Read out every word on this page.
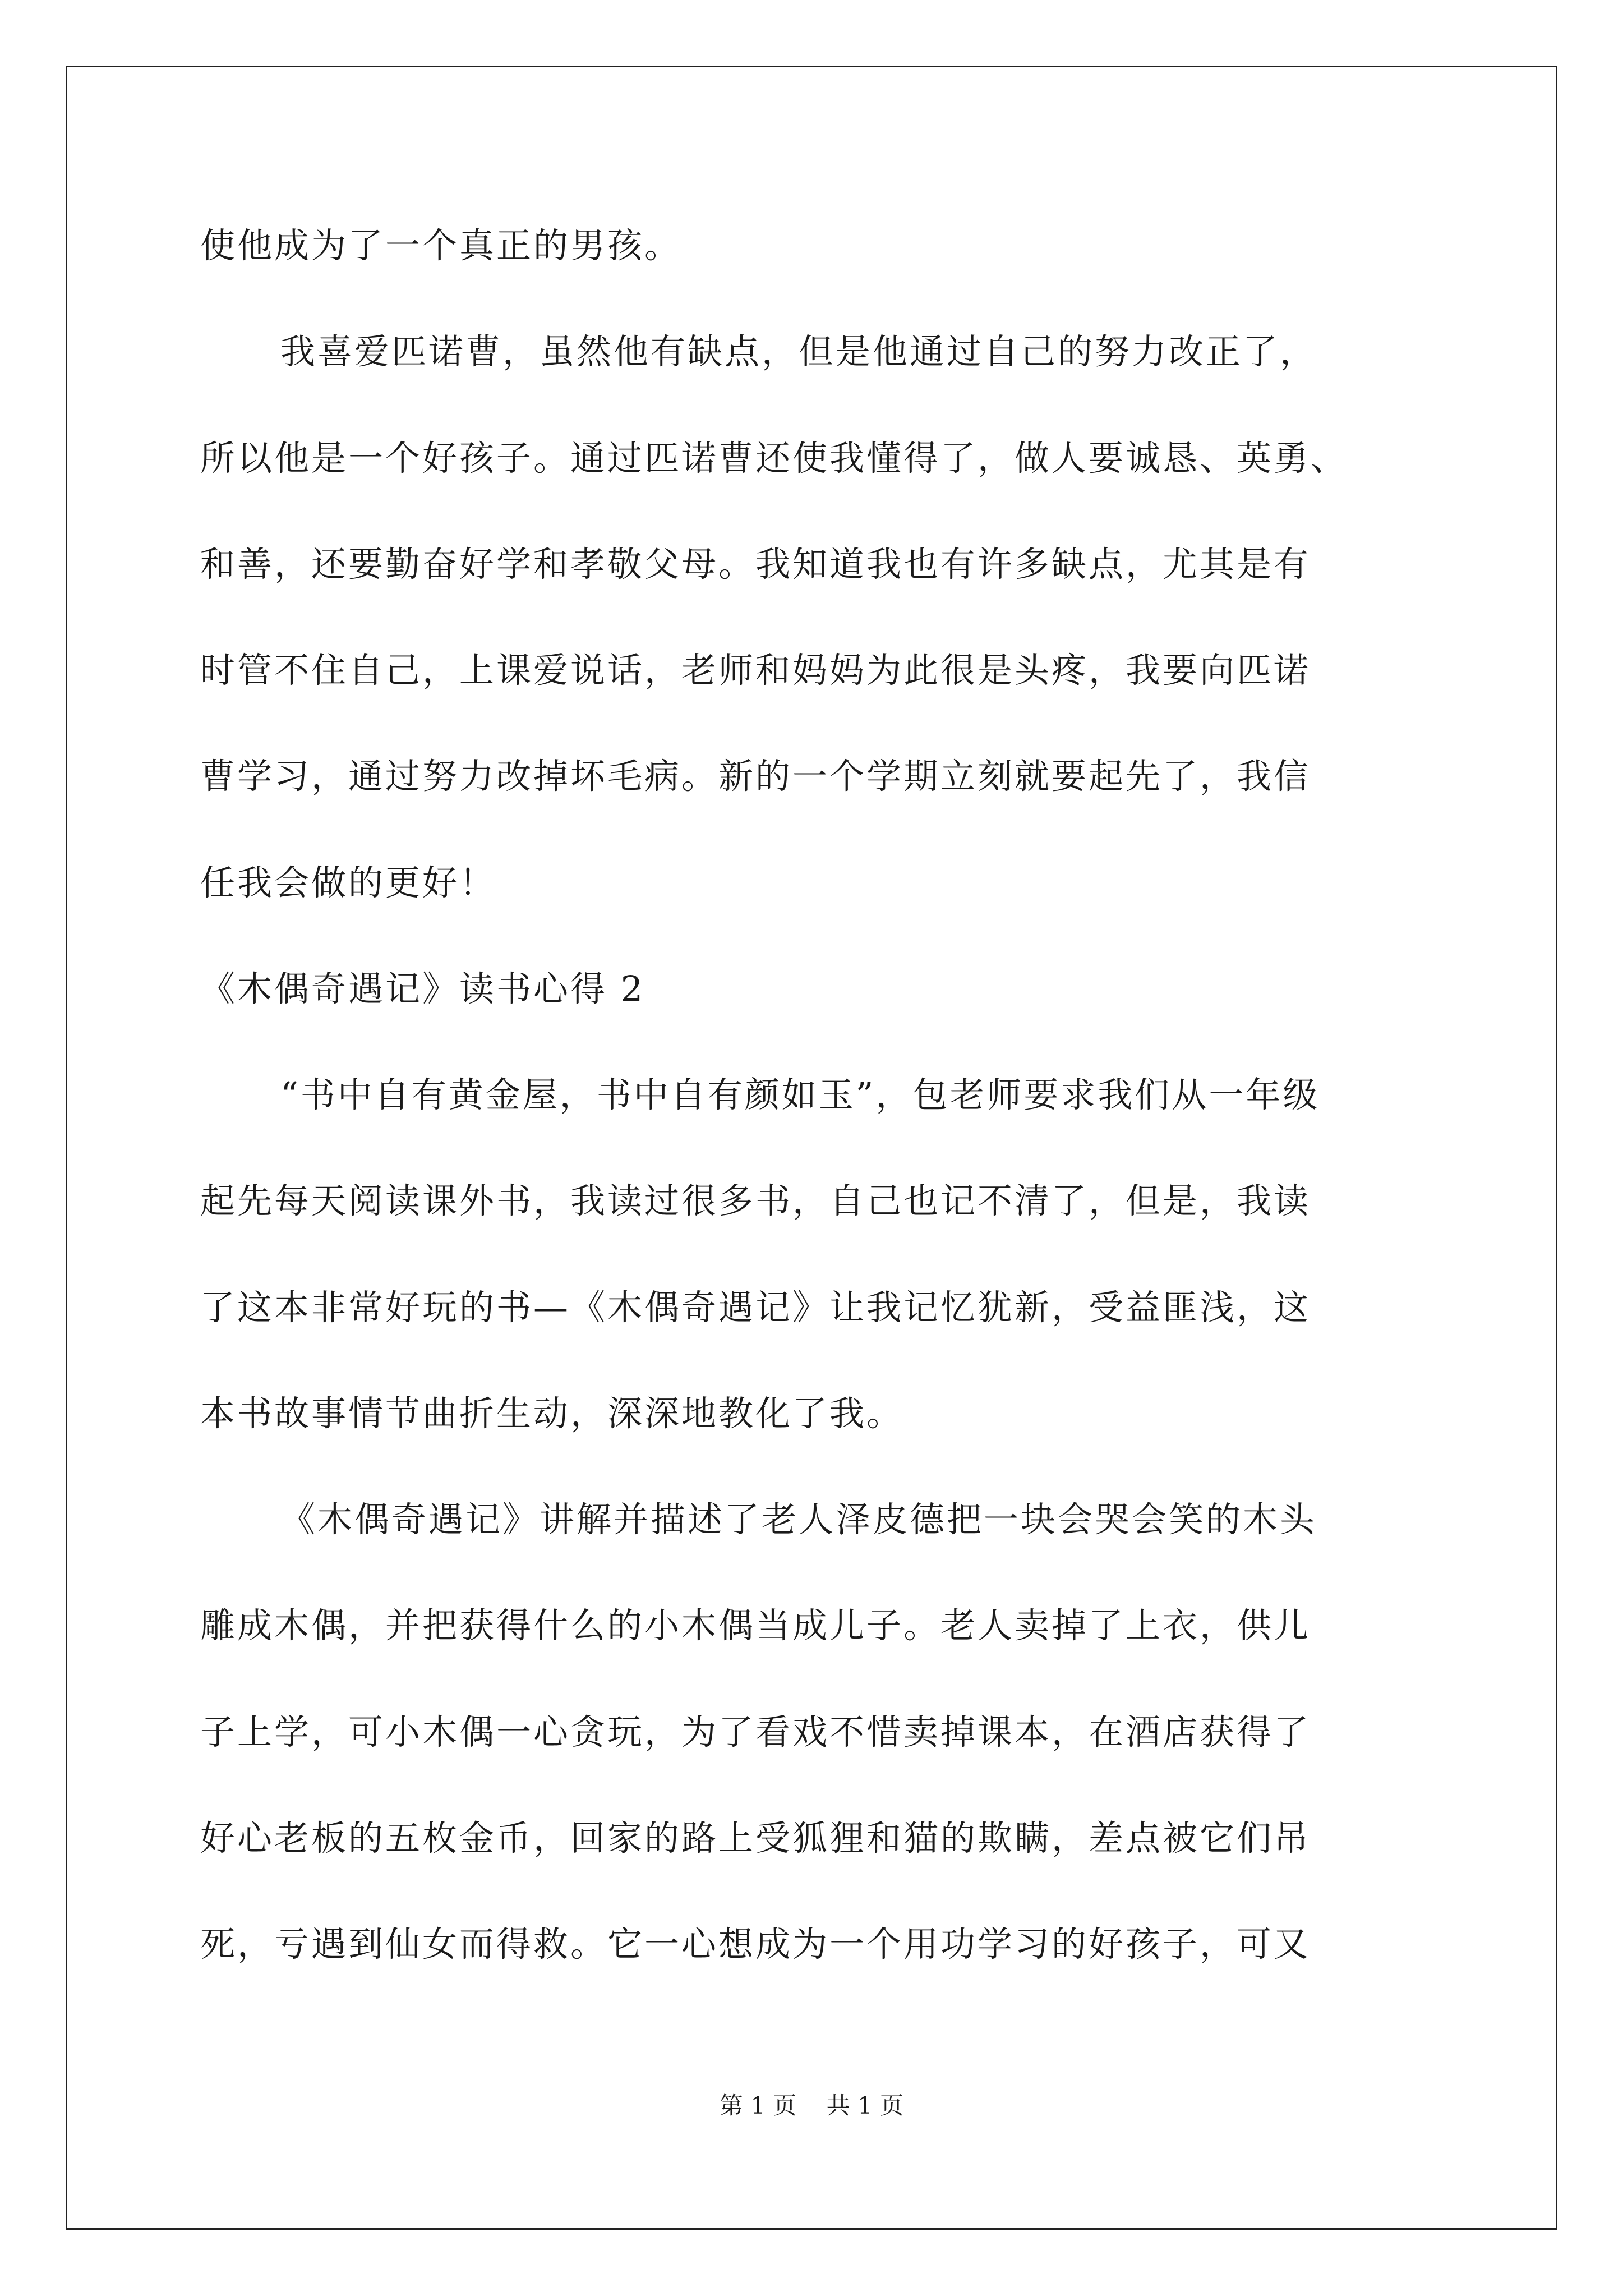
使他成为了一个真正的男孩。
我喜爱匹诺曹，虽然他有缺点，但是他通过自己的努力改正了，
所以他是一个好孩子。通过匹诺曹还使我懂得了，做人要诚恳、英勇、
和善，还要勤奋好学和孝敬父母。我知道我也有许多缺点，尤其是有
时管不住自己，上课爱说话，老师和妈妈为此很是头疼，我要向匹诺
曹学习，通过努力改掉坏毛病。新的一个学期立刻就要起先了，我信
任我会做的更好！
《木偶奇遇记》读书心得 2
“书中自有黄金屋，书中自有颜如玉”，包老师要求我们从一年级
起先每天阅读课外书，我读过很多书，自己也记不清了，但是，我读
了这本非常好玩的书—《木偶奇遇记》让我记忆犹新，受益匪浅，这
本书故事情节曲折生动，深深地教化了我。
《木偶奇遇记》讲解并描述了老人泽皮德把一块会哭会笑的木头
雕成木偶，并把获得什么的小木偶当成儿子。老人卖掉了上衣，供儿
子上学，可小木偶一心贪玩，为了看戏不惜卖掉课本，在酒店获得了
好心老板的五枚金币，回家的路上受狐狸和猫的欺瞒，差点被它们吊
死，亏遇到仙女而得救。它一心想成为一个用功学习的好孩子，可又
第 1 页    共 1 页
